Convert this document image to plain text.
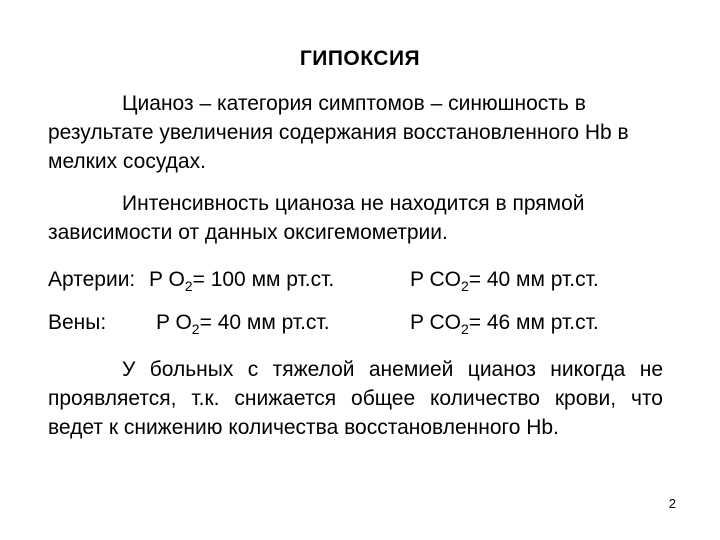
ГИПОКСИЯ
Цианоз – категория симптомов – синюшность в результате увеличения содержания восстановленного Hb в мелких сосудах.
Интенсивность цианоза не находится в прямой зависимости от данных оксигемометрии.
Артерии: P $O_2= 100$ мм рт.ст.	P $CO_2= 40$ мм рт.ст.
Вены: P $O_2= 40$ мм рт.ст.	P $CO_2= 46$ мм рт.ст.
У больных с тяжелой анемией цианоз никогда не проявляется, т.к. снижается общее количество крови, что ведет к снижению количества восстановленного Hb.
2
